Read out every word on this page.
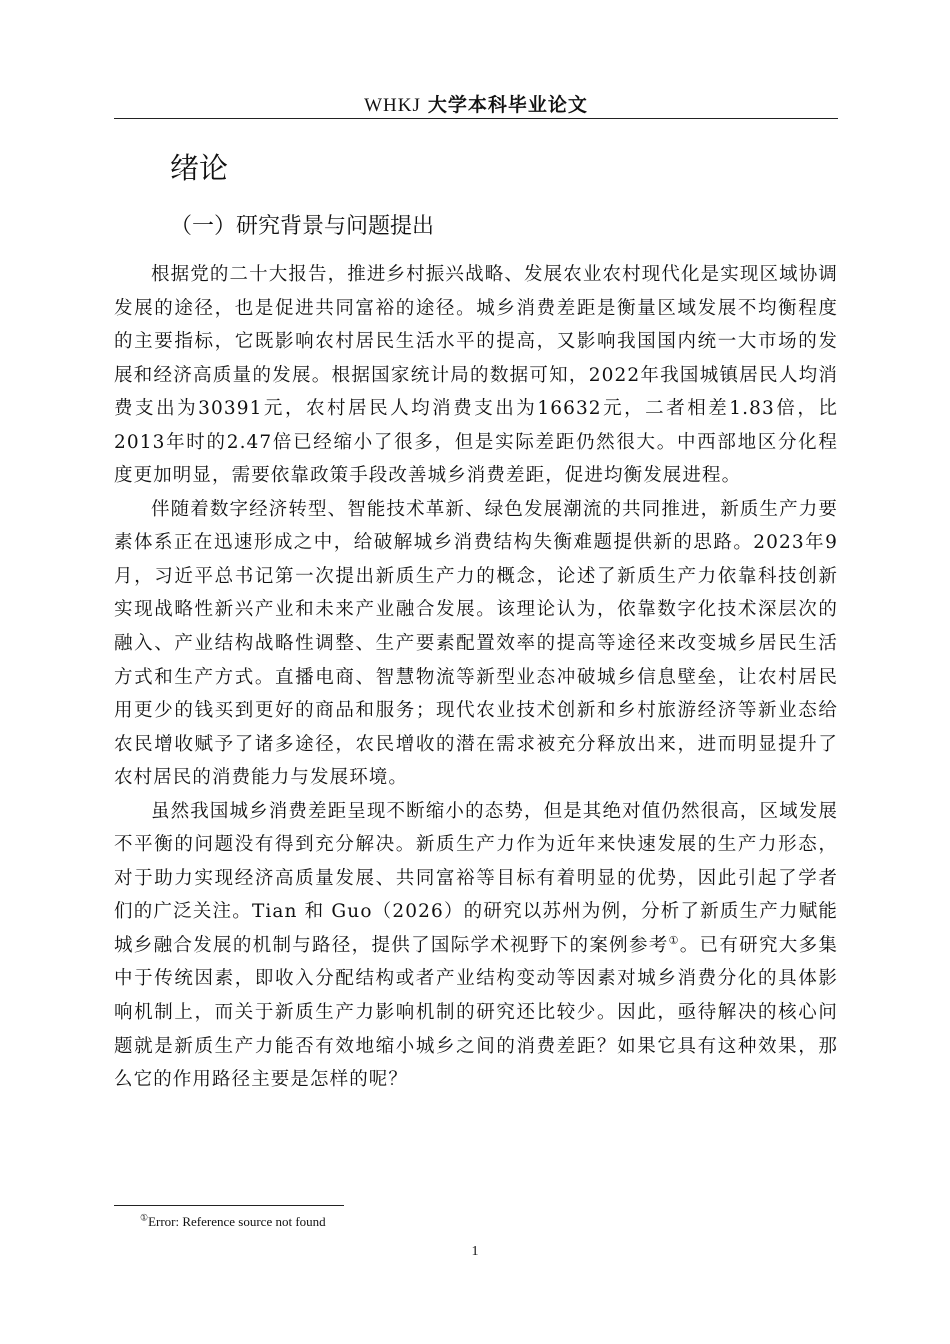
WHKJ 大学本科毕业论文
绪论
（一）研究背景与问题提出

根据党的二十大报告，推进乡村振兴战略、发展农业农村现代化是实现区域协调发展的途径，也是促进共同富裕的途径。城乡消费差距是衡量区域发展不均衡程度的主要指标，它既影响农村居民生活水平的提高，又影响我国国内统一大市场的发展和经济高质量的发展。根据国家统计局的数据可知，2022年我国城镇居民人均消费支出为30391元，农村居民人均消费支出为16632元，二者相差1.83倍，比2013年时的2.47倍已经缩小了很多，但是实际差距仍然很大。中西部地区分化程度更加明显，需要依靠政策手段改善城乡消费差距，促进均衡发展进程。

伴随着数字经济转型、智能技术革新、绿色发展潮流的共同推进，新质生产力要素体系正在迅速形成之中，给破解城乡消费结构失衡难题提供新的思路。2023年9月，习近平总书记第一次提出新质生产力的概念，论述了新质生产力依靠科技创新实现战略性新兴产业和未来产业融合发展。该理论认为，依靠数字化技术深层次的融入、产业结构战略性调整、生产要素配置效率的提高等途径来改变城乡居民生活方式和生产方式。直播电商、智慧物流等新型业态冲破城乡信息壁垒，让农村居民用更少的钱买到更好的商品和服务；现代农业技术创新和乡村旅游经济等新业态给农民增收赋予了诸多途径，农民增收的潜在需求被充分释放出来，进而明显提升了农村居民的消费能力与发展环境。

虽然我国城乡消费差距呈现不断缩小的态势，但是其绝对值仍然很高，区域发展不平衡的问题没有得到充分解决。新质生产力作为近年来快速发展的生产力形态，对于助力实现经济高质量发展、共同富裕等目标有着明显的优势，因此引起了学者们的广泛关注。Tian 和 Guo（2026）的研究以苏州为例，分析了新质生产力赋能城乡融合发展的机制与路径，提供了国际学术视野下的案例参考①。已有研究大多集中于传统因素，即收入分配结构或者产业结构变动等因素对城乡消费分化的具体影响机制上，而关于新质生产力影响机制的研究还比较少。因此，亟待解决的核心问题就是新质生产力能否有效地缩小城乡之间的消费差距？如果它具有这种效果，那么它的作用路径主要是怎样的呢？

①Error: Reference source not found
1
